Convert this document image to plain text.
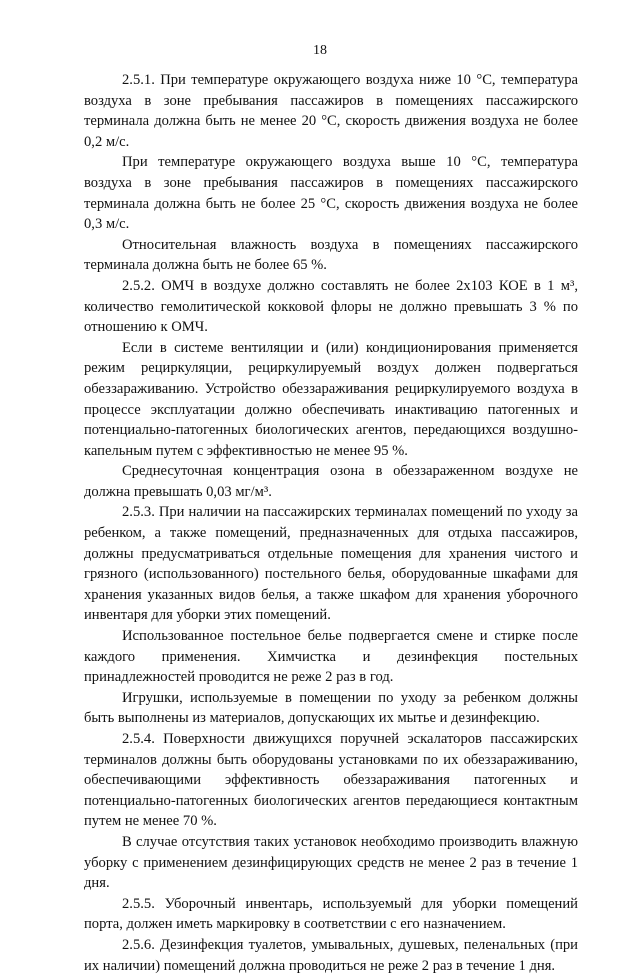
18

2.5.1. При температуре окружающего воздуха ниже 10 °C, температура воздуха в зоне пребывания пассажиров в помещениях пассажирского терминала должна быть не менее 20 °C, скорость движения воздуха не более 0,2 м/с.

При температуре окружающего воздуха выше 10 °C, температура воздуха в зоне пребывания пассажиров в помещениях пассажирского терминала должна быть не более 25 °C, скорость движения воздуха не более 0,3 м/с.

Относительная влажность воздуха в помещениях пассажирского терминала должна быть не более 65 %.

2.5.2. ОМЧ в воздухе должно составлять не более 2х103 КОЕ в 1 м³, количество гемолитической кокковой флоры не должно превышать 3 % по отношению к ОМЧ.

Если в системе вентиляции и (или) кондиционирования применяется режим рециркуляции, рециркулируемый воздух должен подвергаться обеззараживанию. Устройство обеззараживания рециркулируемого воздуха в процессе эксплуатации должно обеспечивать инактивацию патогенных и потенциально-патогенных биологических агентов, передающихся воздушно-капельным путем с эффективностью не менее 95 %.

Среднесуточная концентрация озона в обеззараженном воздухе не должна превышать 0,03 мг/м³.

2.5.3. При наличии на пассажирских терминалах помещений по уходу за ребенком, а также помещений, предназначенных для отдыха пассажиров, должны предусматриваться отдельные помещения для хранения чистого и грязного (использованного) постельного белья, оборудованные шкафами для хранения указанных видов белья, а также шкафом для хранения уборочного инвентаря для уборки этих помещений.

Использованное постельное белье подвергается смене и стирке после каждого применения. Химчистка и дезинфекция постельных принадлежностей проводится не реже 2 раз в год.

Игрушки, используемые в помещении по уходу за ребенком должны быть выполнены из материалов, допускающих их мытье и дезинфекцию.

2.5.4. Поверхности движущихся поручней эскалаторов пассажирских терминалов должны быть оборудованы установками по их обеззараживанию, обеспечивающими эффективность обеззараживания патогенных и потенциально-патогенных биологических агентов передающиеся контактным путем не менее 70 %.

В случае отсутствия таких установок необходимо производить влажную уборку с применением дезинфицирующих средств не менее 2 раз в течение 1 дня.

2.5.5. Уборочный инвентарь, используемый для уборки помещений порта, должен иметь маркировку в соответствии с его назначением.

2.5.6. Дезинфекция туалетов, умывальных, душевых, пеленальных (при их наличии) помещений должна проводиться не реже 2 раз в течение 1 дня.
